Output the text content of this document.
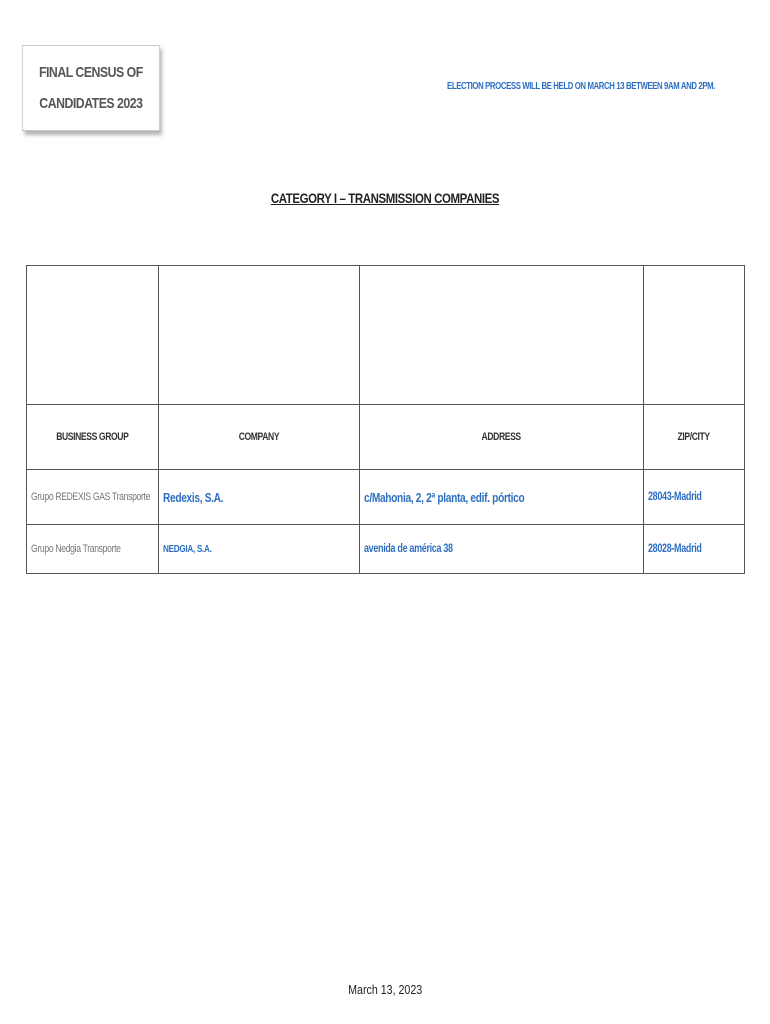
FINAL CENSUS OF
CANDIDATES 2023
ELECTION PROCESS WILL BE HELD ON MARCH 13 BETWEEN 9AM AND 2PM.
CATEGORY I – TRANSMISSION COMPANIES

BUSINESS GROUP	COMPANY	ADDRESS	ZIP/CITY
Grupo REDEXIS GAS Transporte	Redexis, S.A.	c/Mahonia, 2, 2ª planta, edif. pórtico	28043-Madrid
Grupo Nedgia Transporte	NEDGIA, S.A.	avenida de américa 38	28028-Madrid
March 13, 2023
